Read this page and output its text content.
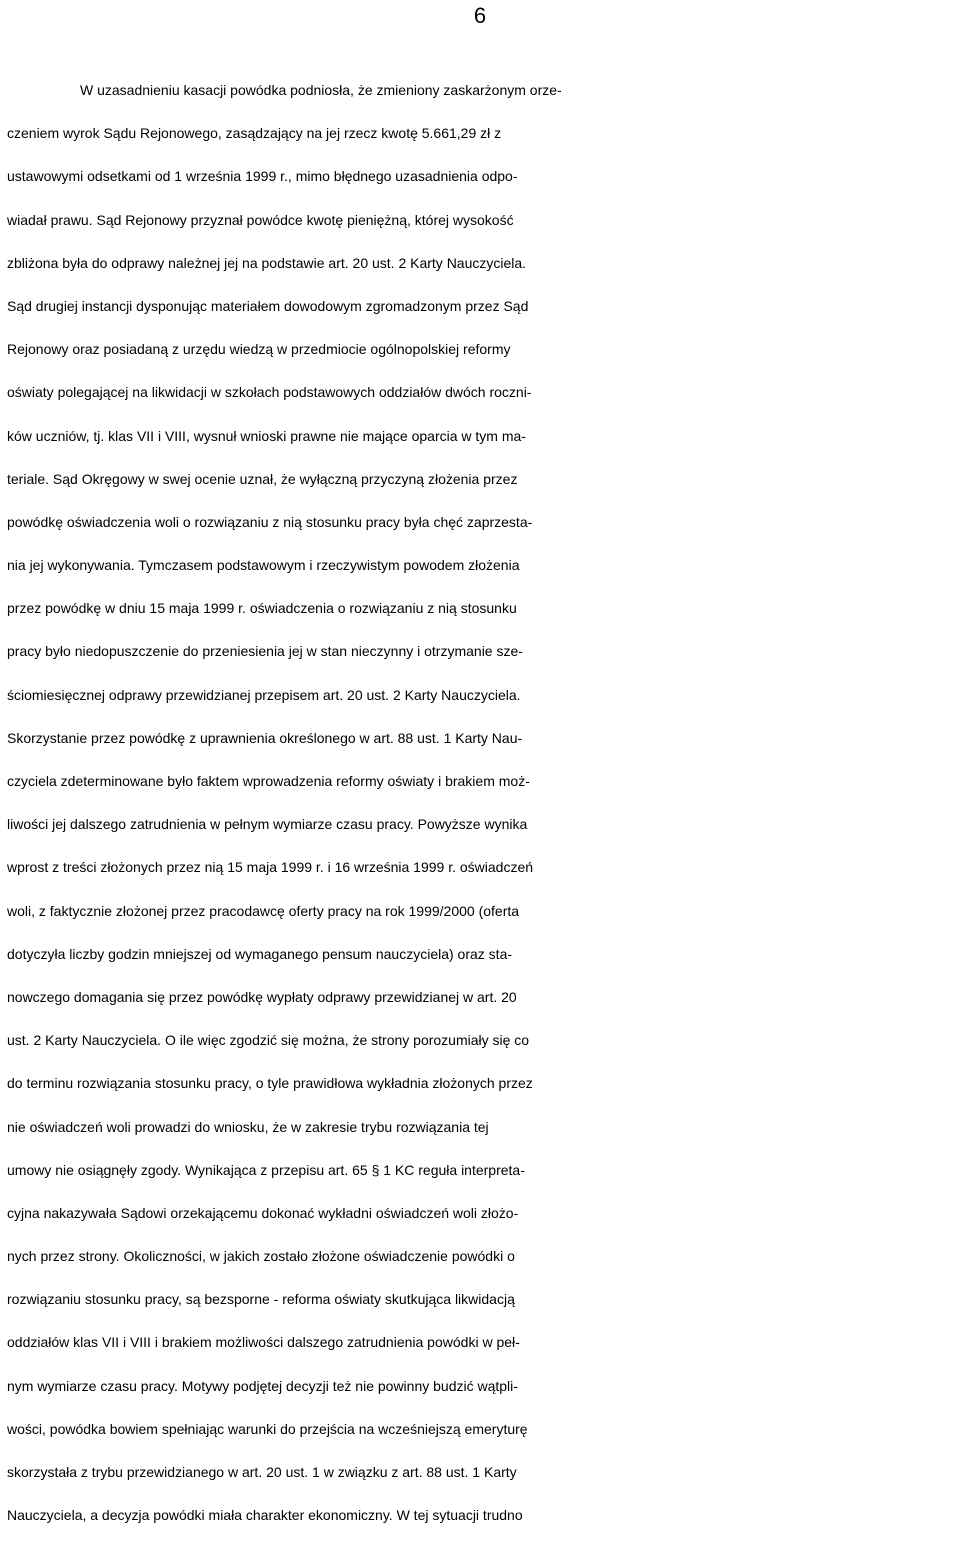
6
W uzasadnieniu kasacji powódka podniosła, że zmieniony zaskarżonym orze-
czeniem wyrok Sądu Rejonowego, zasądzający na jej rzecz kwotę 5.661,29 zł z
ustawowymi odsetkami od 1 września 1999 r., mimo błędnego uzasadnienia odpo-
wiadał prawu. Sąd Rejonowy przyznał powódce kwotę pieniężną, której wysokość
zbliżona była do odprawy należnej jej na podstawie art. 20 ust. 2 Karty Nauczyciela.
Sąd drugiej instancji dysponując materiałem dowodowym zgromadzonym przez Sąd
Rejonowy oraz posiadaną z urzędu wiedzą w przedmiocie ogólnopolskiej reformy
oświaty polegającej na likwidacji w szkołach podstawowych oddziałów dwóch roczni-
ków uczniów, tj. klas VII i VIII, wysnuł wnioski prawne nie mające oparcia w tym ma-
teriale. Sąd Okręgowy w swej ocenie uznał, że wyłączną przyczyną złożenia przez
powódkę oświadczenia woli o rozwiązaniu z nią stosunku pracy była chęć zaprzesta-
nia jej wykonywania. Tymczasem podstawowym i rzeczywistym powodem złożenia
przez powódkę w dniu 15 maja 1999 r. oświadczenia o rozwiązaniu z nią stosunku
pracy było niedopuszczenie do przeniesienia jej w stan nieczynny i otrzymanie sze-
ściomiesięcznej odprawy przewidzianej przepisem art. 20 ust. 2 Karty Nauczyciela.
Skorzystanie przez powódkę z uprawnienia określonego w art. 88 ust. 1 Karty Nau-
czyciela zdeterminowane było faktem wprowadzenia reformy oświaty i brakiem moż-
liwości jej dalszego zatrudnienia w pełnym wymiarze czasu pracy. Powyższe wynika
wprost z treści złożonych przez nią 15 maja 1999 r. i 16 września 1999 r. oświadczeń
woli, z faktycznie złożonej przez pracodawcę oferty pracy na rok 1999/2000 (oferta
dotyczyła liczby godzin mniejszej od wymaganego pensum nauczyciela) oraz sta-
nowczego domagania się przez powódkę wypłaty odprawy przewidzianej w art. 20
ust. 2 Karty Nauczyciela. O ile więc zgodzić się można, że strony porozumiały się co
do terminu rozwiązania stosunku pracy, o tyle prawidłowa wykładnia złożonych przez
nie oświadczeń woli prowadzi do wniosku, że w zakresie trybu rozwiązania tej
umowy nie osiągnęły zgody. Wynikająca z przepisu art. 65 § 1 KC reguła interpreta-
cyjna nakazywała Sądowi orzekającemu dokonać wykładni oświadczeń woli złożo-
nych przez strony. Okoliczności, w jakich zostało złożone oświadczenie powódki o
rozwiązaniu stosunku pracy, są bezsporne - reforma oświaty skutkująca likwidacją
oddziałów klas VII i VIII i brakiem możliwości dalszego zatrudnienia powódki w peł-
nym wymiarze czasu pracy. Motywy podjętej decyzji też nie powinny budzić wątpli-
wości, powódka bowiem spełniając warunki do przejścia na wcześniejszą emeryturę
skorzystała z trybu przewidzianego w art. 20 ust. 1 w związku z art. 88 ust. 1 Karty
Nauczyciela, a decyzja powódki miała charakter ekonomiczny. W tej sytuacji trudno
